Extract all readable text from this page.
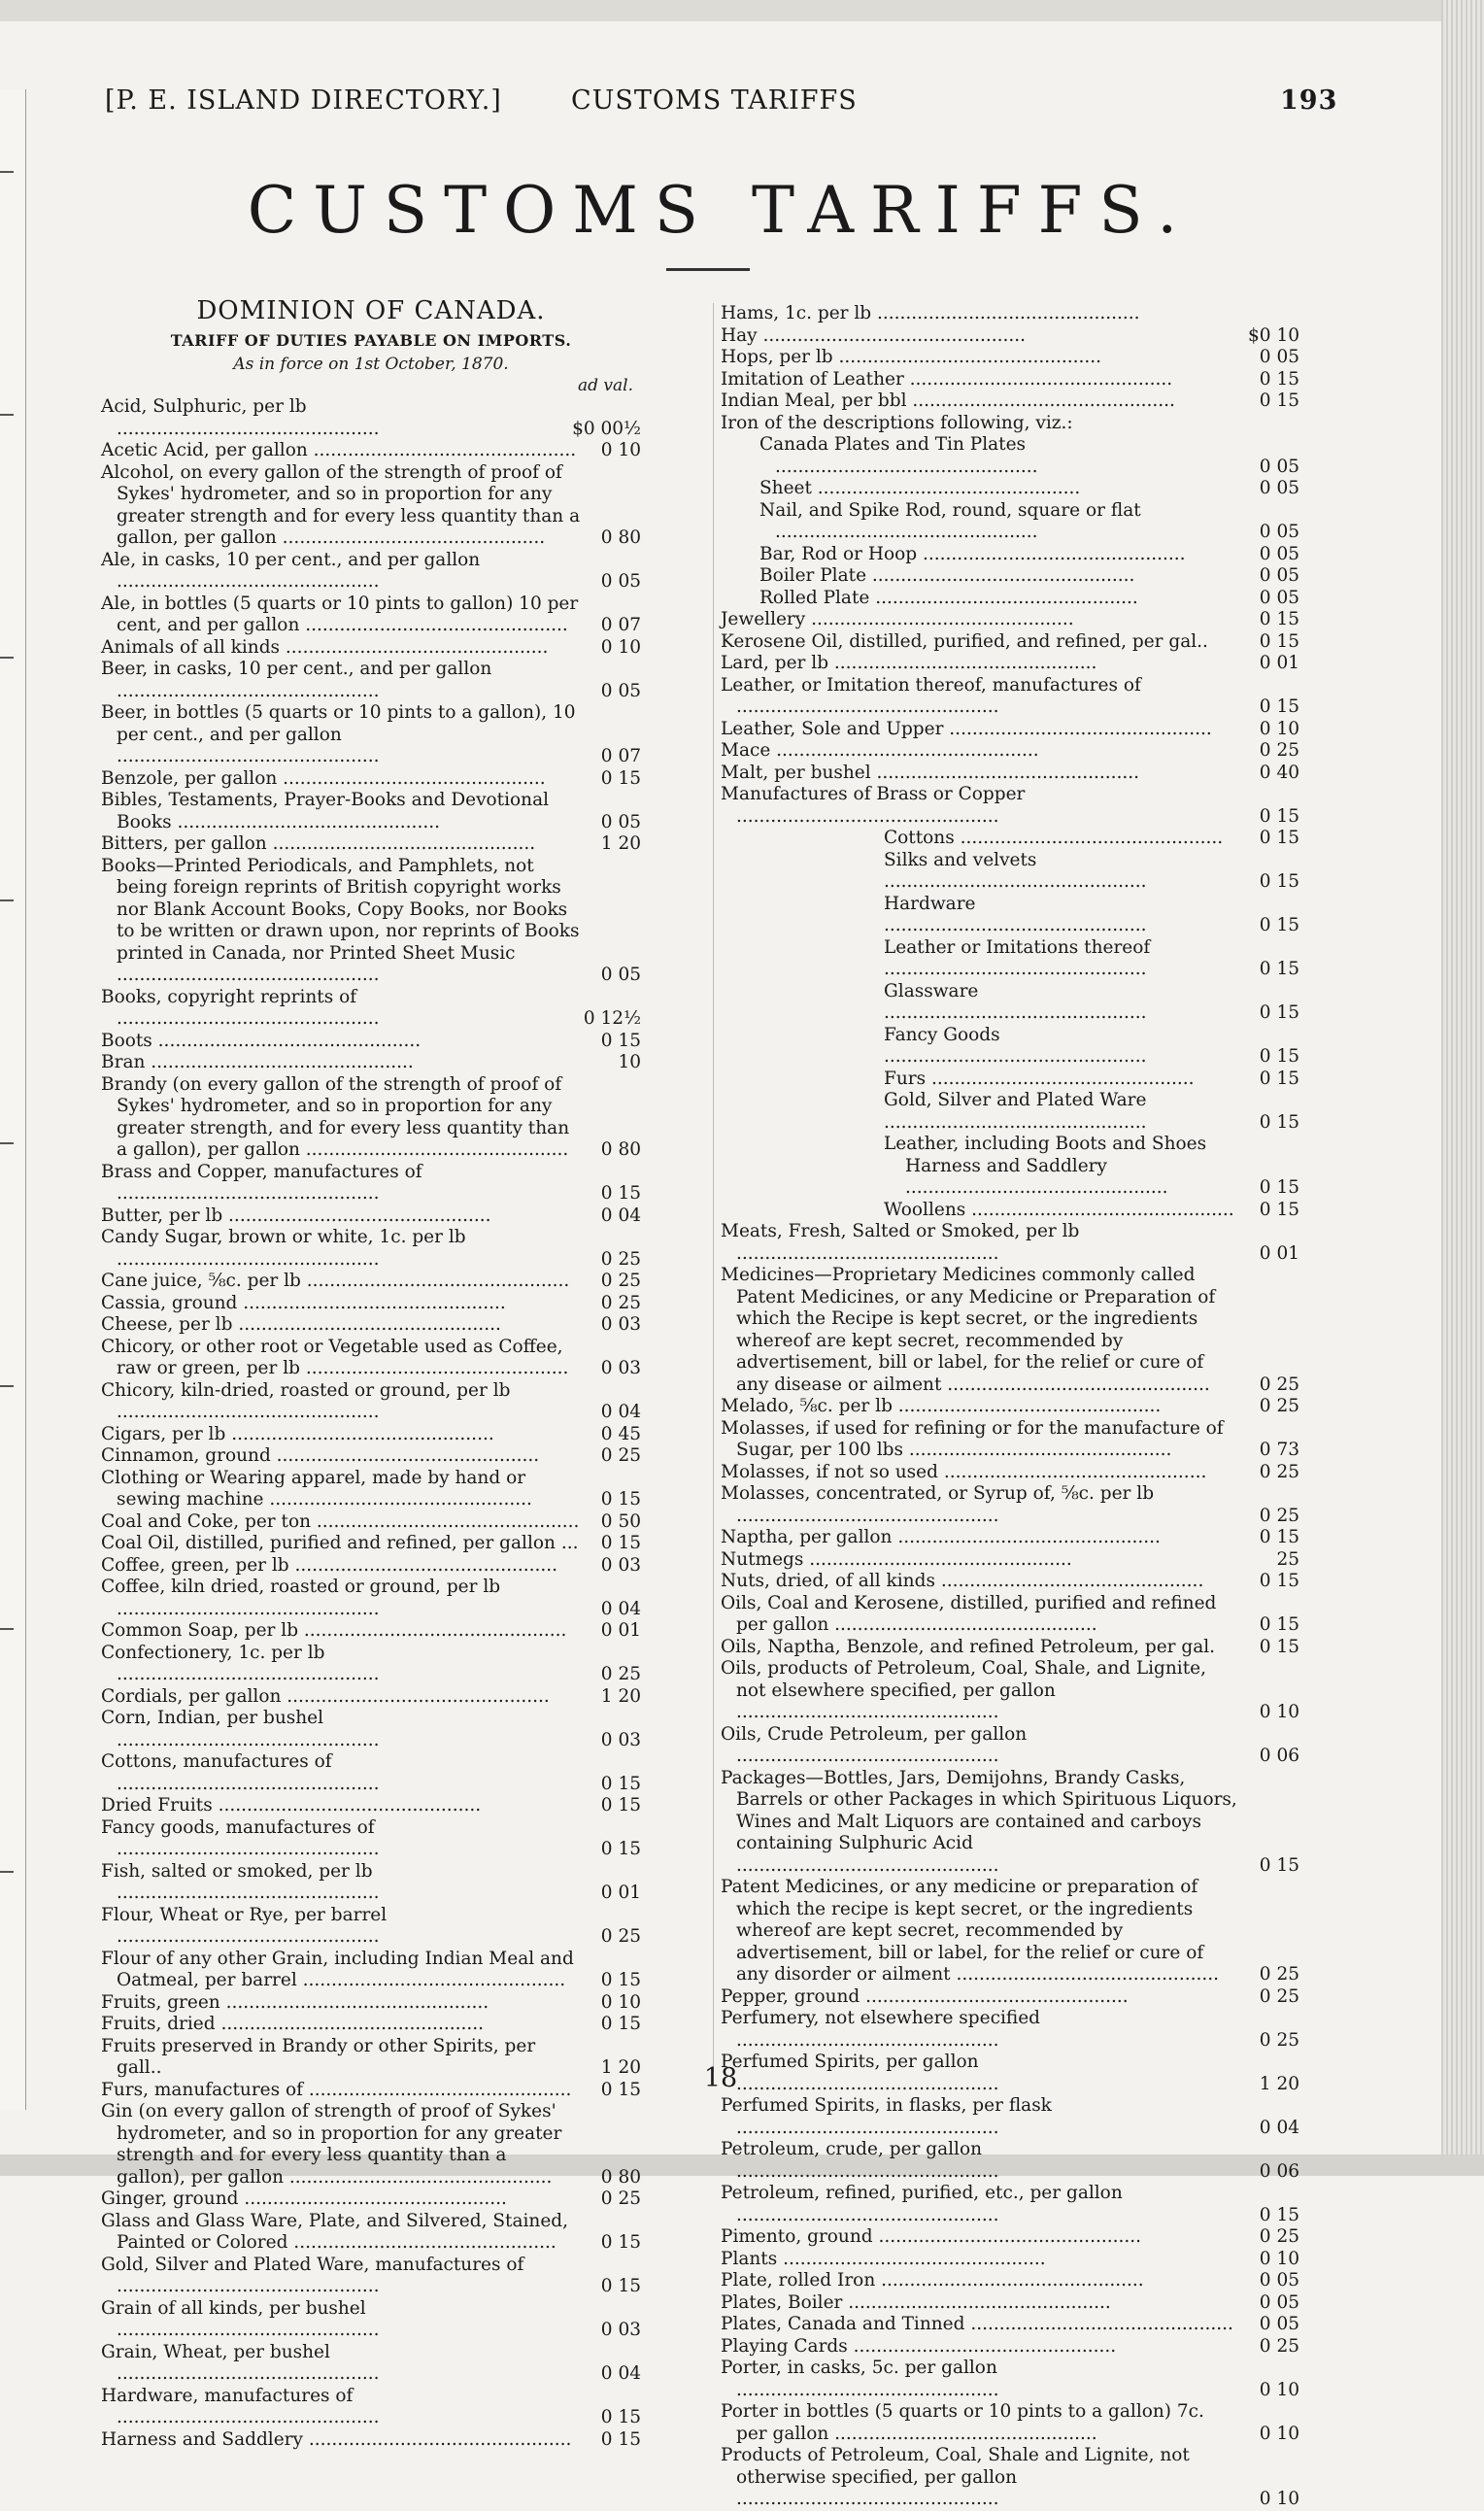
[P. E. ISLAND DIRECTORY.]	CUSTOMS TARIFFS	193
CUSTOMS TARIFFS.
DOMINION OF CANADA.
TARIFF OF DUTIES PAYABLE ON IMPORTS.
As in force on 1st October, 1870.
ad val.
Acid, Sulphuric, per lb ..............................................	$0 00½
Acetic Acid, per gallon ..............................................	0 10
Alcohol, on every gallon of the strength of proof of Sykes' hydrometer, and so in proportion for any greater strength and for every less quantity than a gallon, per gallon ..............................................	0 80
Ale, in casks, 10 per cent., and per gallon ..............................................	0 05
Ale, in bottles (5 quarts or 10 pints to gallon) 10 per cent, and per gallon ..............................................	0 07
Animals of all kinds ..............................................	0 10
Beer, in casks, 10 per cent., and per gallon ..............................................	0 05
Beer, in bottles (5 quarts or 10 pints to a gallon), 10 per cent., and per gallon ..............................................	0 07
Benzole, per gallon ..............................................	0 15
Bibles, Testaments, Prayer-Books and Devotional Books ..............................................	0 05
Bitters, per gallon ..............................................	1 20
Books—Printed Periodicals, and Pamphlets, not being foreign reprints of British copyright works nor Blank Account Books, Copy Books, nor Books to be written or drawn upon, nor reprints of Books printed in Canada, nor Printed Sheet Music ..............................................	0 05
Books, copyright reprints of ..............................................	0 12½
Boots ..............................................	0 15
Bran ..............................................	10
Brandy (on every gallon of the strength of proof of Sykes' hydrometer, and so in proportion for any greater strength, and for every less quantity than a gallon), per gallon ..............................................	0 80
Brass and Copper, manufactures of ..............................................	0 15
Butter, per lb ..............................................	0 04
Candy Sugar, brown or white, 1c. per lb ..............................................	0 25
Cane juice, ⅝c. per lb ..............................................	0 25
Cassia, ground ..............................................	0 25
Cheese, per lb ..............................................	0 03
Chicory, or other root or Vegetable used as Coffee, raw or green, per lb ..............................................	0 03
Chicory, kiln-dried, roasted or ground, per lb ..............................................	0 04
Cigars, per lb ..............................................	0 45
Cinnamon, ground ..............................................	0 25
Clothing or Wearing apparel, made by hand or sewing machine ..............................................	0 15
Coal and Coke, per ton ..............................................	0 50
Coal Oil, distilled, purified and refined, per gallon ...	0 15
Coffee, green, per lb ..............................................	0 03
Coffee, kiln dried, roasted or ground, per lb ..............................................	0 04
Common Soap, per lb ..............................................	0 01
Confectionery, 1c. per lb ..............................................	0 25
Cordials, per gallon ..............................................	1 20
Corn, Indian, per bushel ..............................................	0 03
Cottons, manufactures of ..............................................	0 15
Dried Fruits ..............................................	0 15
Fancy goods, manufactures of ..............................................	0 15
Fish, salted or smoked, per lb ..............................................	0 01
Flour, Wheat or Rye, per barrel ..............................................	0 25
Flour of any other Grain, including Indian Meal and Oatmeal, per barrel ..............................................	0 15
Fruits, green ..............................................	0 10
Fruits, dried ..............................................	0 15
Fruits preserved in Brandy or other Spirits, per gall..	1 20
Furs, manufactures of ..............................................	0 15
Gin (on every gallon of strength of proof of Sykes' hydrometer, and so in proportion for any greater strength and for every less quantity than a gallon), per gallon ..............................................	0 80
Ginger, ground ..............................................	0 25
Glass and Glass Ware, Plate, and Silvered, Stained, Painted or Colored ..............................................	0 15
Gold, Silver and Plated Ware, manufactures of ..............................................	0 15
Grain of all kinds, per bushel ..............................................	0 03
Grain, Wheat, per bushel ..............................................	0 04
Hardware, manufactures of ..............................................	0 15
Harness and Saddlery ..............................................	0 15
Hams, 1c. per lb ..............................................
Hay ..............................................	$0 10
Hops, per lb ..............................................	0 05
Imitation of Leather ..............................................	0 15
Indian Meal, per bbl ..............................................	0 15
Iron of the descriptions following, viz.:
Canada Plates and Tin Plates ..............................................	0 05
Sheet ..............................................	0 05
Nail, and Spike Rod, round, square or flat ..............................................	0 05
Bar, Rod or Hoop ..............................................	0 05
Boiler Plate ..............................................	0 05
Rolled Plate ..............................................	0 05
Jewellery ..............................................	0 15
Kerosene Oil, distilled, purified, and refined, per gal..	0 15
Lard, per lb ..............................................	0 01
Leather, or Imitation thereof, manufactures of ..............................................	0 15
Leather, Sole and Upper ..............................................	0 10
Mace ..............................................	0 25
Malt, per bushel ..............................................	0 40
Manufactures of Brass or Copper ..............................................	0 15
Cottons ..............................................	0 15
Silks and velvets ..............................................	0 15
Hardware ..............................................	0 15
Leather or Imitations thereof ..............................................	0 15
Glassware ..............................................	0 15
Fancy Goods ..............................................	0 15
Furs ..............................................	0 15
Gold, Silver and Plated Ware ..............................................	0 15
Leather, including Boots and Shoes
Harness and Saddlery ..............................................	0 15
Woollens ..............................................	0 15
Meats, Fresh, Salted or Smoked, per lb ..............................................	0 01
Medicines—Proprietary Medicines commonly called Patent Medicines, or any Medicine or Preparation of which the Recipe is kept secret, or the ingredients whereof are kept secret, recommended by advertisement, bill or label, for the relief or cure of any disease or ailment ..............................................	0 25
Melado, ⅝c. per lb ..............................................	0 25
Molasses, if used for refining or for the manufacture of Sugar, per 100 lbs ..............................................	0 73
Molasses, if not so used ..............................................	0 25
Molasses, concentrated, or Syrup of, ⅝c. per lb ..............................................	0 25
Naptha, per gallon ..............................................	0 15
Nutmegs ..............................................	25
Nuts, dried, of all kinds ..............................................	0 15
Oils, Coal and Kerosene, distilled, purified and refined per gallon ..............................................	0 15
Oils, Naptha, Benzole, and refined Petroleum, per gal.	0 15
Oils, products of Petroleum, Coal, Shale, and Lignite, not elsewhere specified, per gallon ..............................................	0 10
Oils, Crude Petroleum, per gallon ..............................................	0 06
Packages—Bottles, Jars, Demijohns, Brandy Casks, Barrels or other Packages in which Spirituous Liquors, Wines and Malt Liquors are contained and carboys containing Sulphuric Acid ..............................................	0 15
Patent Medicines, or any medicine or preparation of which the recipe is kept secret, or the ingredients whereof are kept secret, recommended by advertisement, bill or label, for the relief or cure of any disorder or ailment ..............................................	0 25
Pepper, ground ..............................................	0 25
Perfumery, not elsewhere specified ..............................................	0 25
Perfumed Spirits, per gallon ..............................................	1 20
Perfumed Spirits, in flasks, per flask ..............................................	0 04
Petroleum, crude, per gallon ..............................................	0 06
Petroleum, refined, purified, etc., per gallon ..............................................	0 15
Pimento, ground ..............................................	0 25
Plants ..............................................	0 10
Plate, rolled Iron ..............................................	0 05
Plates, Boiler ..............................................	0 05
Plates, Canada and Tinned ..............................................	0 05
Playing Cards ..............................................	0 25
Porter, in casks, 5c. per gallon ..............................................	0 10
Porter in bottles (5 quarts or 10 pints to a gallon) 7c. per gallon ..............................................	0 10
Products of Petroleum, Coal, Shale and Lignite, not otherwise specified, per gallon ..............................................	0 10
18
